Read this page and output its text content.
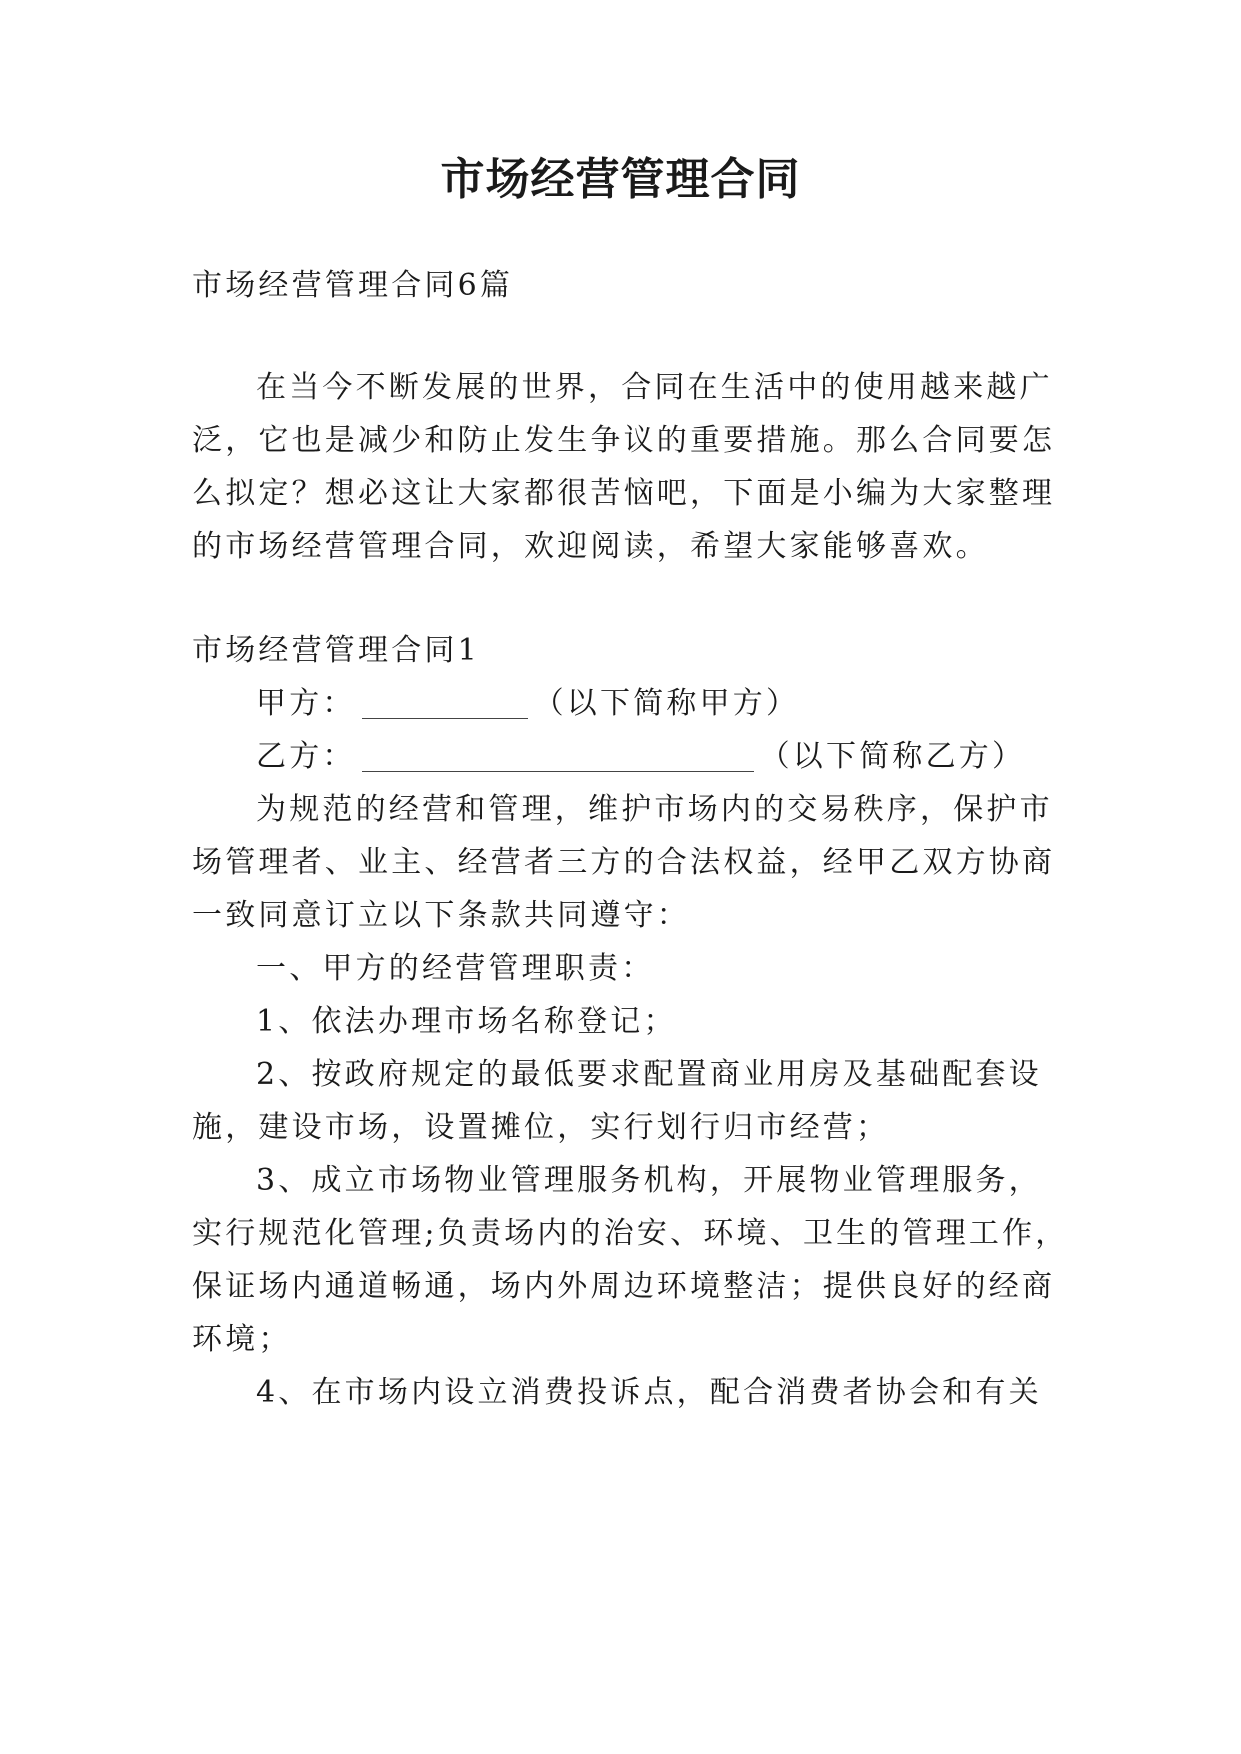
市场经营管理合同
市场经营管理合同6篇
在当今不断发展的世界，合同在生活中的使用越来越广
泛，它也是减少和防止发生争议的重要措施。那么合同要怎
么拟定？想必这让大家都很苦恼吧，下面是小编为大家整理
的市场经营管理合同，欢迎阅读，希望大家能够喜欢。
市场经营管理合同1
甲方：	（以下简称甲方）
乙方：	（以下简称乙方）
为规范的经营和管理，维护市场内的交易秩序，保护市
场管理者、业主、经营者三方的合法权益，经甲乙双方协商
一致同意订立以下条款共同遵守：
一、甲方的经营管理职责：
1、依法办理市场名称登记；
2、按政府规定的最低要求配置商业用房及基础配套设
施，建设市场，设置摊位，实行划行归市经营；
3、成立市场物业管理服务机构，开展物业管理服务，
实行规范化管理;负责场内的治安、环境、卫生的管理工作，
保证场内通道畅通，场内外周边环境整洁；提供良好的经商
环境；
4、在市场内设立消费投诉点，配合消费者协会和有关
